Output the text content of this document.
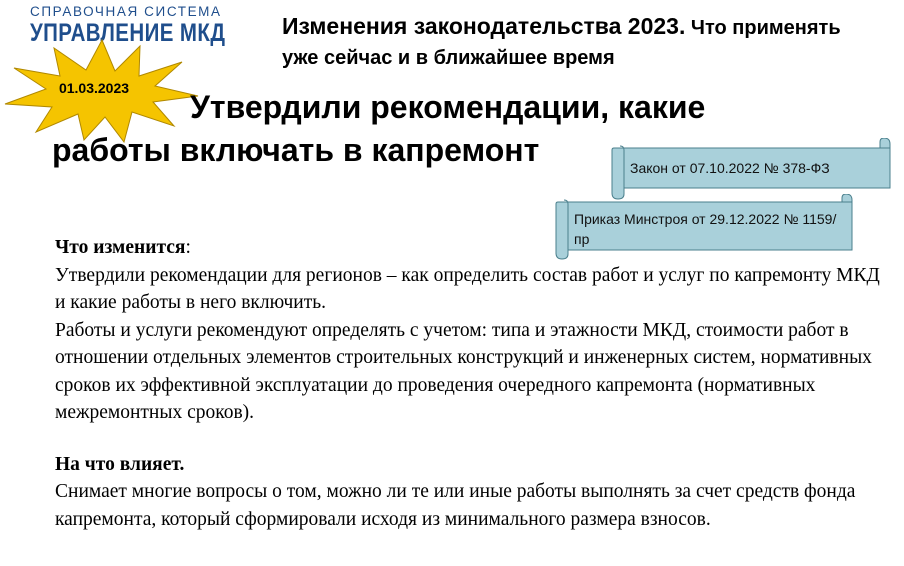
СПРАВОЧНАЯ СИСТЕМА
УПРАВЛЕНИЕ МКД Изменения законодательства 2023. Что применять уже сейчас и в ближайшее время
01.03.2023
Утвердили рекомендации, какие
работы включать в капремонт	Закон от 07.10.2022 № 378-ФЗ
Приказ Минстроя от 29.12.2022 № 1159/пр

Что изменится:

Утвердили рекомендации для регионов – как определить состав работ и услуг по капремонту МКД и какие работы в него включить.

Работы и услуги рекомендуют определять с учетом: типа и этажности МКД, стоимости работ в отношении отдельных элементов строительных конструкций и инженерных систем, нормативных сроков их эффективной эксплуатации до проведения очередного капремонта (нормативных межремонтных сроков).

На что влияет.

Снимает многие вопросы о том, можно ли те или иные работы выполнять за счет средств фонда капремонта, который сформировали исходя из минимального размера взносов.
